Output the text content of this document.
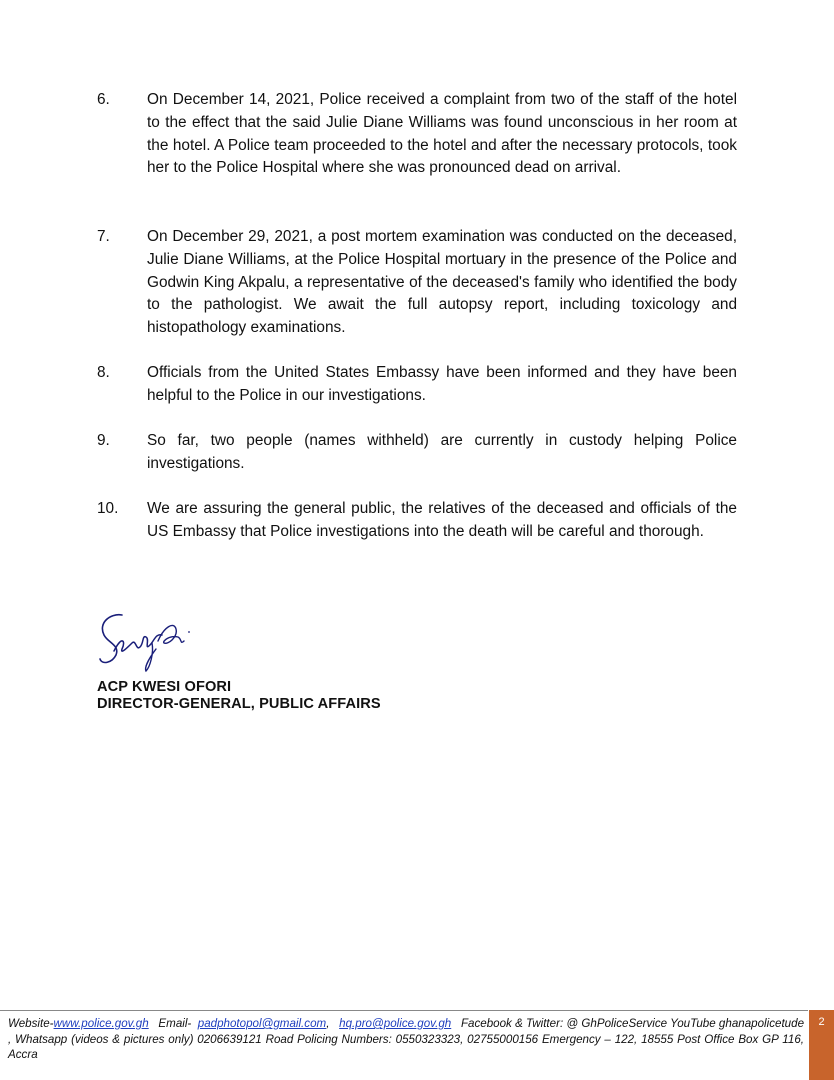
6.	On December 14, 2021, Police received a complaint from two of the staff of the hotel to the effect that the said Julie Diane Williams was found unconscious in her room at the hotel. A Police team proceeded to the hotel and after the necessary protocols, took her to the Police Hospital where she was pronounced dead on arrival.
7.	On December 29, 2021, a post mortem examination was conducted on the deceased, Julie Diane Williams, at the Police Hospital mortuary in the presence of the Police and Godwin King Akpalu, a representative of the deceased's family who identified the body to the pathologist. We await the full autopsy report, including toxicology and histopathology examinations.
8.	Officials from the United States Embassy have been informed and they have been helpful to the Police in our investigations.
9.	So far, two people (names withheld) are currently in custody helping Police investigations.
10.	We are assuring the general public, the relatives of the deceased and officials of the US Embassy that Police investigations into the death will be careful and thorough.
ACP KWESI OFORI
DIRECTOR-GENERAL, PUBLIC AFFAIRS
Website-www.police.gov.gh Email- padphotopol@gmail.com, hq.pro@police.gov.gh Facebook & Twitter: @ GhPoliceService YouTube ghanapolicetude , Whatsapp (videos & pictures only) 0206639121 Road Policing Numbers: 0550323323, 02755000156 Emergency – 122, 18555 Post Office Box GP 116, Accra
2
